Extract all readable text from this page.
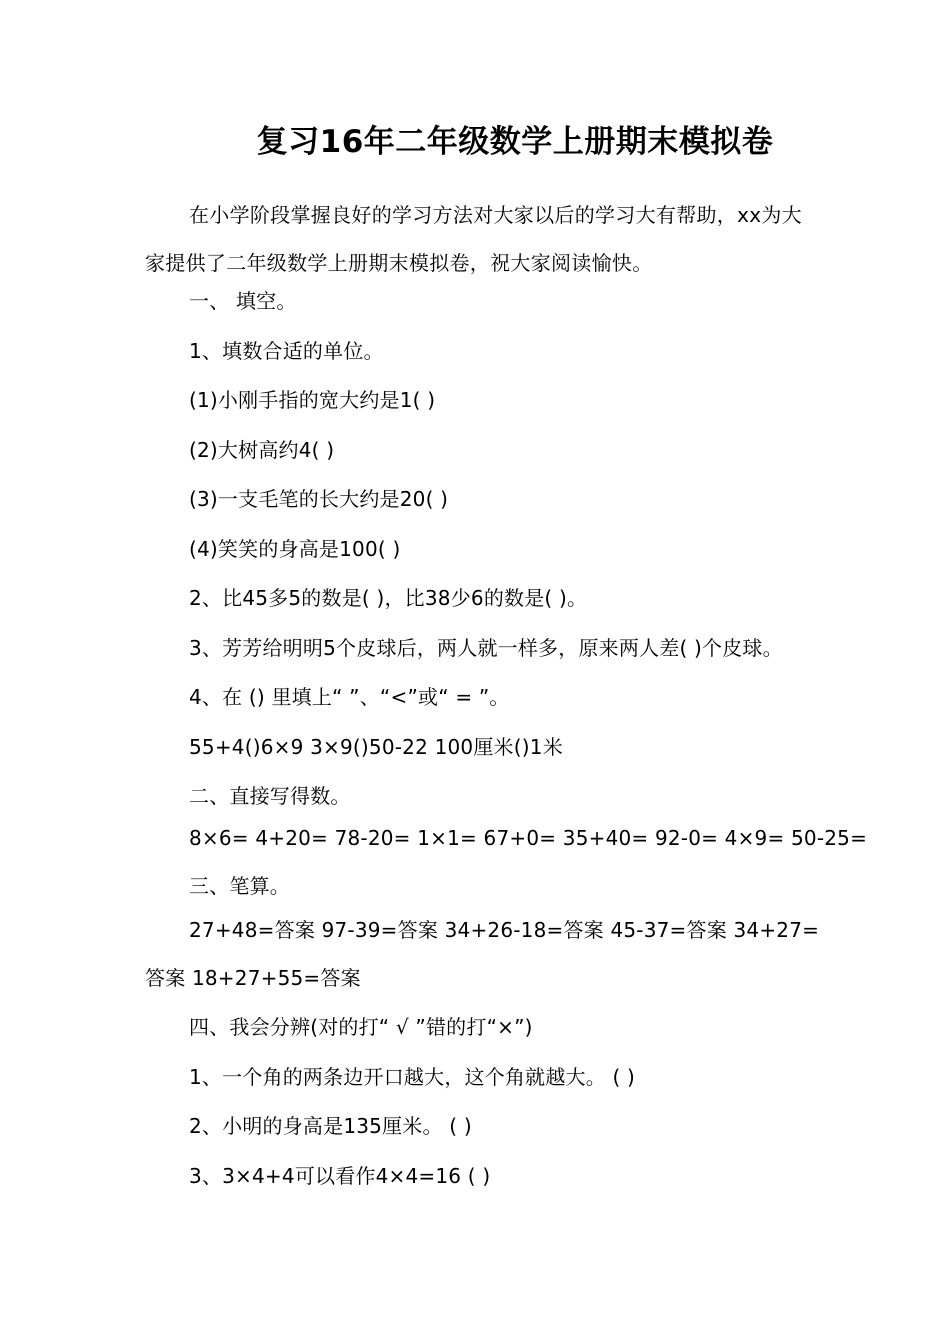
复习16年二年级数学上册期末模拟卷
在小学阶段掌握良好的学习方法对大家以后的学习大有帮助，xx为大家提供了二年级数学上册期末模拟卷，祝大家阅读愉快。
一、 填空。
1、填数合适的单位。
(1)小刚手指的宽大约是1( )
(2)大树高约4( )
(3)一支毛笔的长大约是20( )
(4)笑笑的身高是100( )
2、比45多5的数是( )，比38少6的数是( )。
3、芳芳给明明5个皮球后，两人就一样多，原来两人差( )个皮球。
4、在 () 里填上“ ”、“<”或“ = ”。
55+4()6×9 3×9()50-22 100厘米()1米
二、直接写得数。
8×6= 4+20= 78-20= 1×1= 67+0= 35+40= 92-0= 4×9= 50-25=
三、笔算。
27+48=答案 97-39=答案 34+26-18=答案 45-37=答案 34+27=答案 18+27+55=答案
四、我会分辨(对的打“ √ ”错的打“×”)
1、一个角的两条边开口越大，这个角就越大。 ( )
2、小明的身高是135厘米。 ( )
3、3×4+4可以看作4×4=16 ( )
